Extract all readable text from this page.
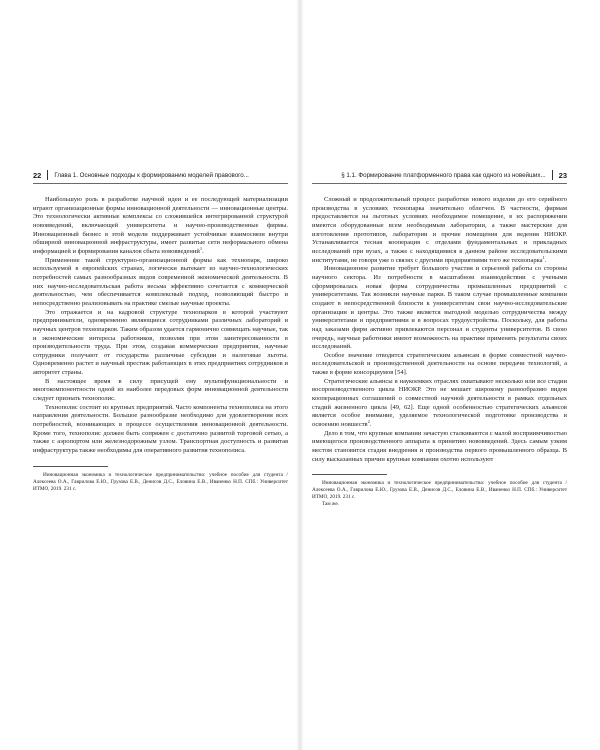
22 Глава 1. Основные подходы к формированию моделей правового...

Наибольшую роль в разработке научной идеи и ее последующей материализации играют организационные формы инновационной деятельности — инновационные центры. Это технологически активные комплексы со сложившейся интегрированной структурой нововведений, включающей университеты и научно-производственные фирмы. Инновационный бизнес в этой модели поддерживает устойчивые взаимосвязи внутри обширной инновационной инфраструктуры, имеет развитые сети неформального обмена информацией и формирования каналов сбыта нововведений$^1$.

Применение такой структурно-организационной формы как технопарк, широко используемой в европейских странах, логически вытекает из научно-технологических потребностей самых разнообразных видов современной экономической деятельности. В них научно-исследовательская работа весьма эффективно сочетается с коммерческой деятельностью, чем обеспечивается комплексный подход, позволяющий быстро и непосредственно реализовывать на практике смелые научные проекты.

Это отражается и на кадровой структуре технопарков в которой участвуют предприниматели, одновременно являющиеся сотрудниками различных лабораторий и научных центров технопарков. Таким образом удается гармонично совмещать научные, так и экономические интересы работников, позволяя при этом заинтересованности в производительности труда. При этом, создавая коммерческие предприятия, научные сотрудники получают от государства различные субсидии и налоговые льготы. Одновременно растет и научный престиж работающих в этих предприятиях сотрудников и авторитет страны.

В настоящее время в силу присущей ему мультифункциональности и многокомпонентности одной из наиболее передовых форм инновационной деятельности следует признать технополис.

Технополис состоит из крупных предприятий. Часто компоненты технополиса на этого направления деятельности. Большое разнообразие необходимо для удовлетворения всех потребностей, возникающих в процессе осуществления инновационной деятельности. Кроме того, технополис должен быть сопряжен с достаточно развитой торговой сетью, а также с аэропортом или железнодорожным узлом. Транспортная доступность и развитая инфраструктура также необходимы для оперативного развития технополиса.

Инновационная экономика и технологическое предпринимательство: учебное пособие для студента / Алексеева О.А., Гаврилова Е.Ю., Грузова Е.В., Денисов Д.С., Еловина Е.В., Иваненко Н.П. СПб.: Университет ИТМО, 2019. 231 с.

§ 1.1. Формирование платформенного права как одного из новейших... 23

Сложный и продолжительный процесс разработки нового изделия до его серийного производства в условиях технопарка значительно облегчен. В частности, фирмам предоставляется на льготных условиях необходимое помещение, в их распоряжении имеются оборудованные всем необходимым лаборатории, а также мастерские для изготовления прототипов, лаборатории и прочие помещения для ведения НИОКР. Устанавливается тесная кооперация с отделами фундаментальных и прикладных исследований при вузах, а также с находящимися в данном районе исследовательскими институтами, не говоря уже о связях с другими предприятиями того же технопарка$^1$.

Инновационное развитие требует большого участия и серьезной работы со стороны научного сектора. Из потребности в масштабном взаимодействии с учеными сформировалась новая форма сотрудничества промышленных предприятий с университетами. Так возникли научные парки. В таком случае промышленные компании создают в непосредственной близости к университетам свои научно-исследовательские организации и центры. Это также является выгодной моделью сотрудничества между университетами и предприятиями и в вопросах трудоустройства. Поскольку, для работы над заказами фирм активно привлекаются персонал и студенты университетов. В свою очередь, научные работники имеют возможность на практике применять результаты своих исследований.

Особое значение отводится стратегическим альянсам в форме совместной научно-исследовательской и производственной деятельности на основе передачи технологий, а также в форме консорциумов [54].

Стратегические альянсы в наукоемких отраслях охватывают несколько или все стадии воспроизводственного цикла НИОКР. Это не мешает широкому разнообразию видов кооперационных соглашений о совместной научной деятельности в рамках отдельных стадий жизненного цикла [49, 62]. Еще одной особенностью стратегических альянсов является особое внимание, уделяемое технологической подготовке производства и освоению новшеств$^2$.

Дело в том, что крупные компании зачастую сталкиваются с малой восприимчивостью имеющегося производственного аппарата к принятию нововведений. Здесь самым узким местом становится стадия внедрения и производства первого промышленного образца. В силу высказанных причин крупные компании охотно используют

Инновационная экономика и технологическое предпринимательство: учебное пособие для студента / Алексеева О.А., Гаврилова Е.Ю., Грузова Е.В., Денисов Д.С., Еловина Е.В., Иваненко Н.П. СПб.: Университет ИТМО, 2019. 231 с.

Там же.
